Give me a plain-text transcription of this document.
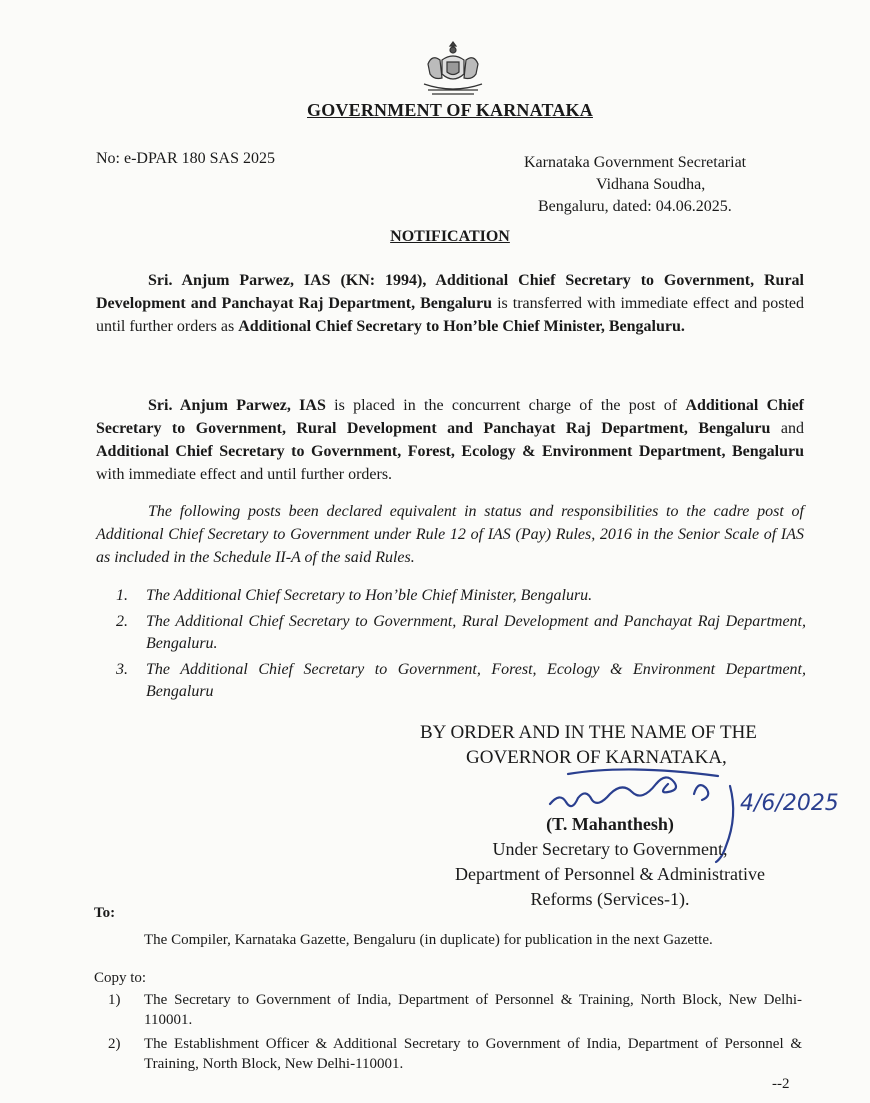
GOVERNMENT OF KARNATAKA
No: e-DPAR 180 SAS 2025	Karnataka Government Secretariat
Vidhana Soudha,
Bengaluru, dated: 04.06.2025.
NOTIFICATION
Sri. Anjum Parwez, IAS (KN: 1994), Additional Chief Secretary to Government, Rural Development and Panchayat Raj Department, Bengaluru is transferred with immediate effect and posted until further orders as Additional Chief Secretary to Hon’ble Chief Minister, Bengaluru.
Sri. Anjum Parwez, IAS is placed in the concurrent charge of the post of Additional Chief Secretary to Government, Rural Development and Panchayat Raj Department, Bengaluru and Additional Chief Secretary to Government, Forest, Ecology & Environment Department, Bengaluru with immediate effect and until further orders.
The following posts been declared equivalent in status and responsibilities to the cadre post of Additional Chief Secretary to Government under Rule 12 of IAS (Pay) Rules, 2016 in the Senior Scale of IAS as included in the Schedule II-A of the said Rules.
1.	The Additional Chief Secretary to Hon’ble Chief Minister, Bengaluru.
2.	The Additional Chief Secretary to Government, Rural Development and Panchayat Raj Department, Bengaluru.
3.	The Additional Chief Secretary to Government, Forest, Ecology & Environment Department, Bengaluru
BY ORDER AND IN THE NAME OF THE
GOVERNOR OF KARNATAKA,
4/6/2025
(T. Mahanthesh)
Under Secretary to Government,
Department of Personnel & Administrative
Reforms (Services-1).
To:
The Compiler, Karnataka Gazette, Bengaluru (in duplicate) for publication in the next Gazette.
Copy to:
1)	The Secretary to Government of India, Department of Personnel & Training, North Block, New Delhi-110001.
2)	The Establishment Officer & Additional Secretary to Government of India, Department of Personnel & Training, North Block, New Delhi-110001.
--2
